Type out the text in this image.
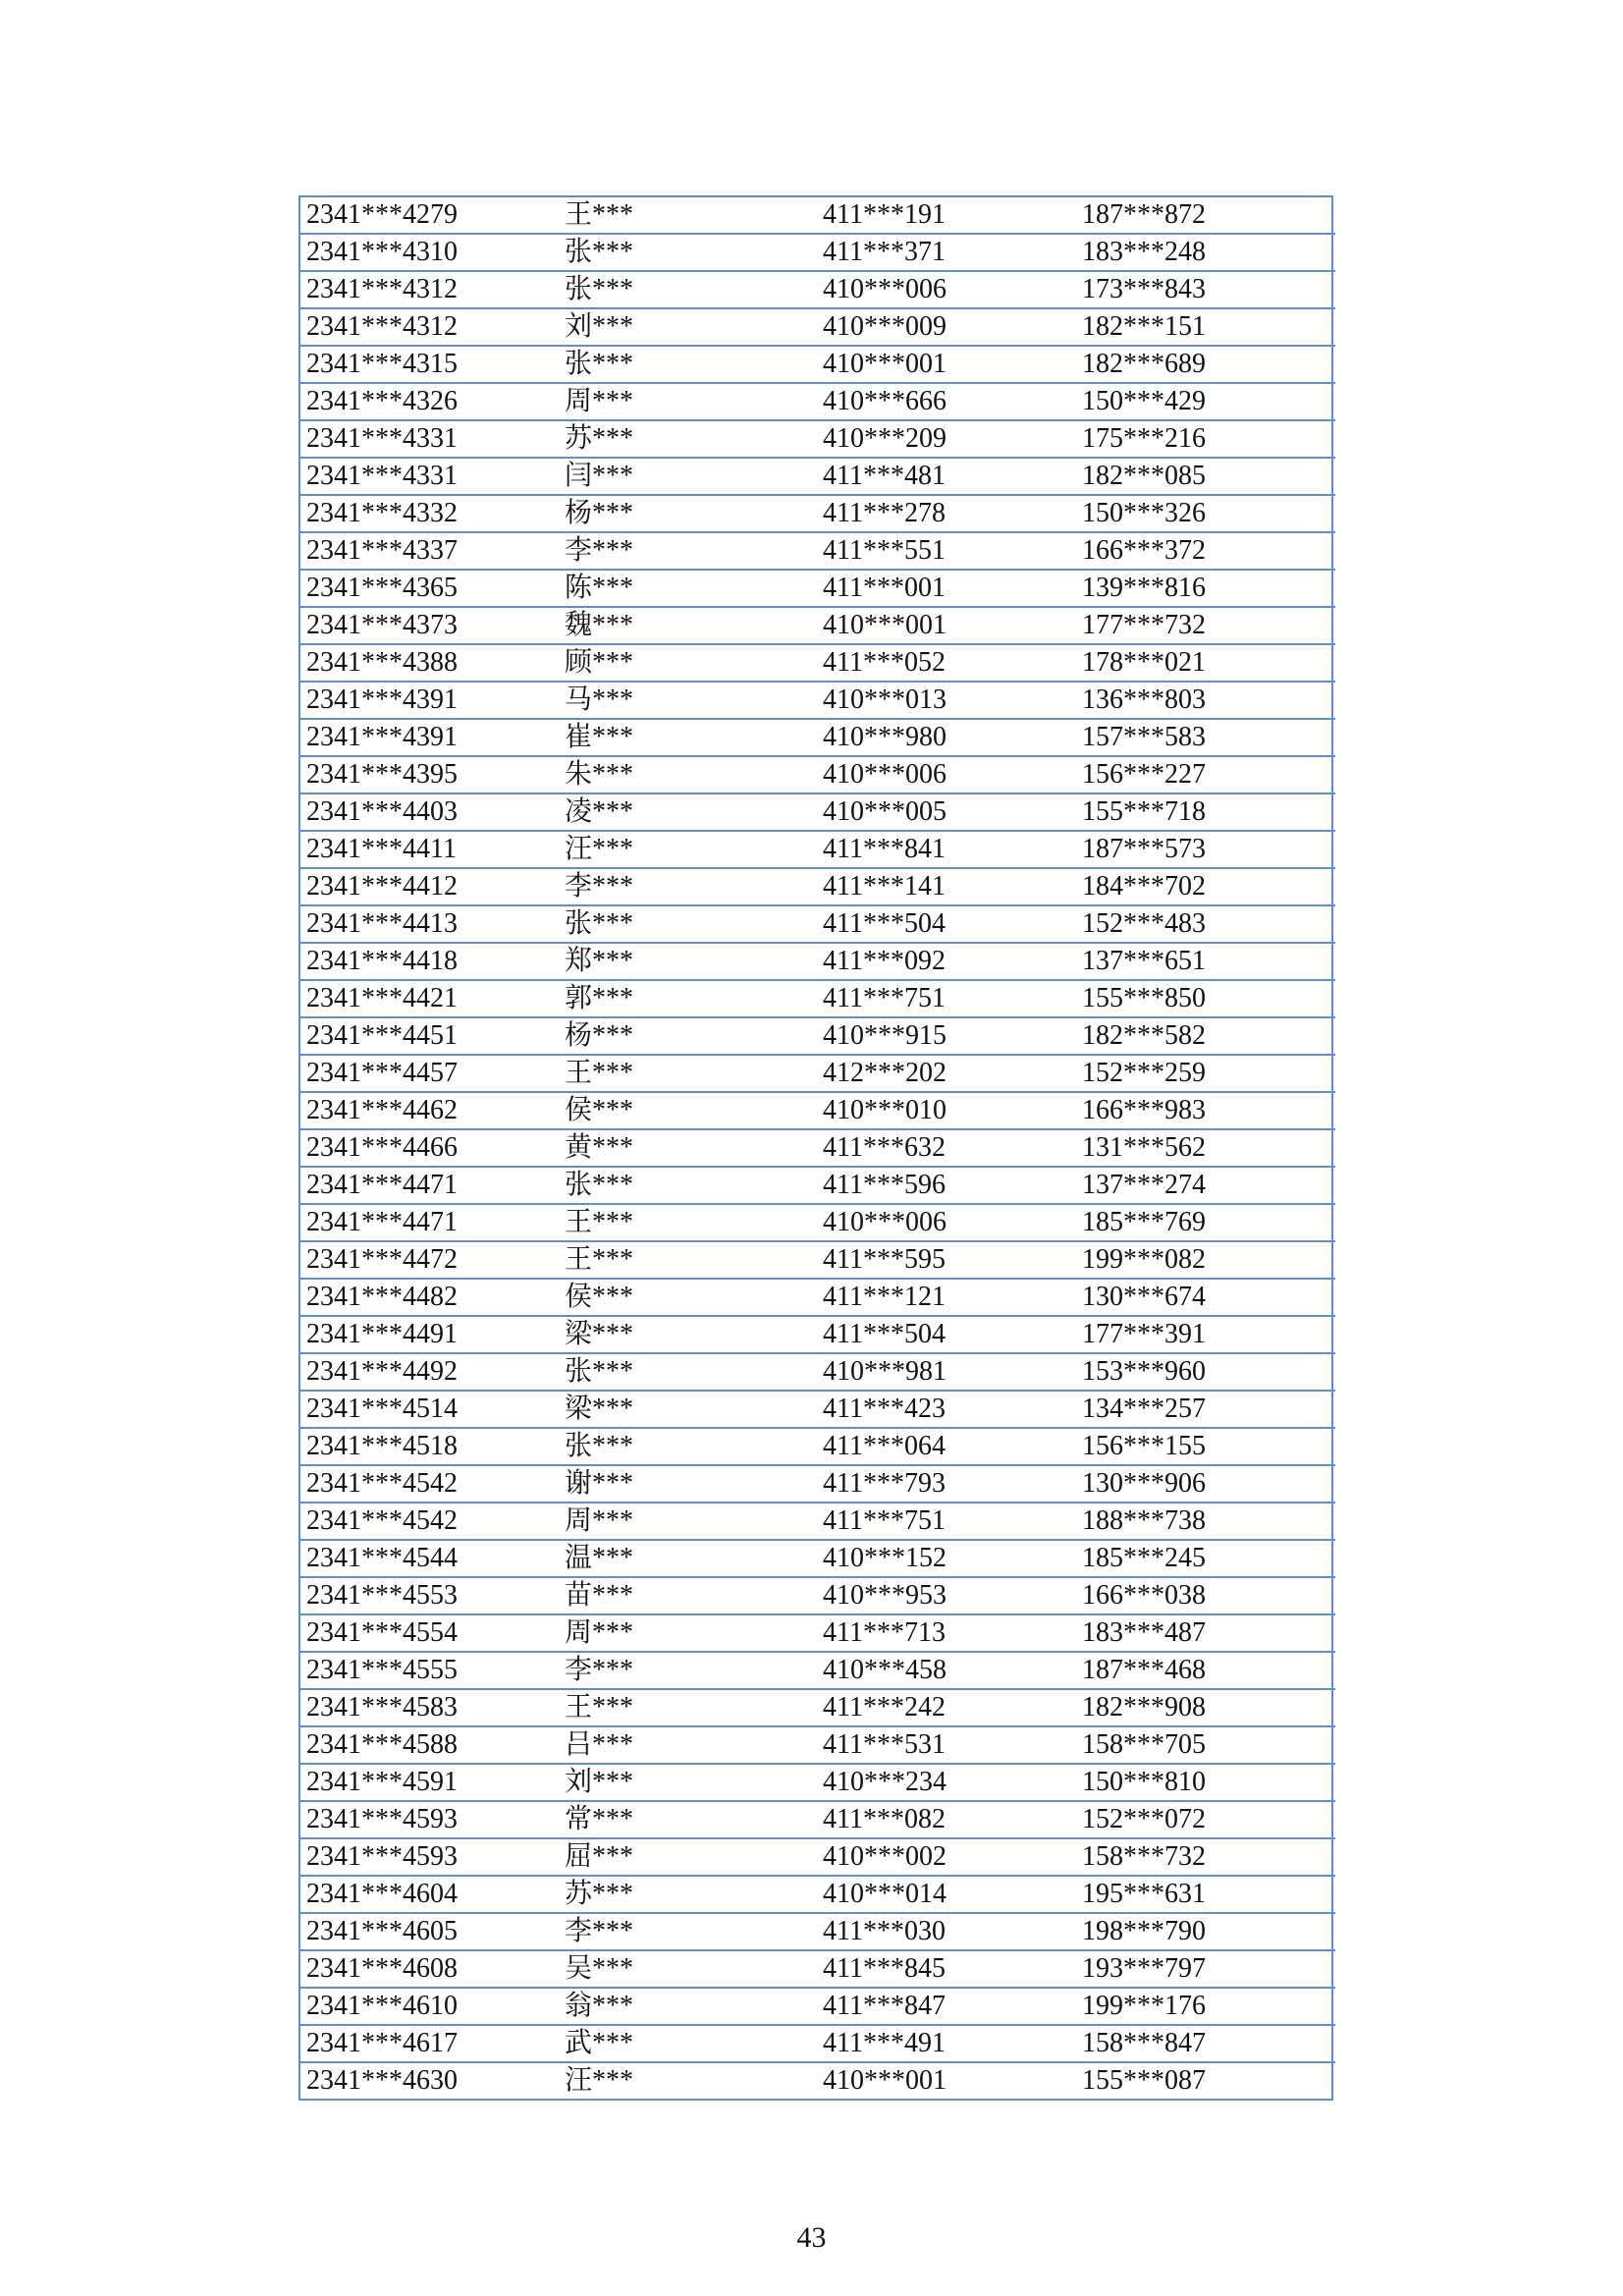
2341***4279	王***	411***191	187***872
2341***4310	张***	411***371	183***248
2341***4312	张***	410***006	173***843
2341***4312	刘***	410***009	182***151
2341***4315	张***	410***001	182***689
2341***4326	周***	410***666	150***429
2341***4331	苏***	410***209	175***216
2341***4331	闫***	411***481	182***085
2341***4332	杨***	411***278	150***326
2341***4337	李***	411***551	166***372
2341***4365	陈***	411***001	139***816
2341***4373	魏***	410***001	177***732
2341***4388	顾***	411***052	178***021
2341***4391	马***	410***013	136***803
2341***4391	崔***	410***980	157***583
2341***4395	朱***	410***006	156***227
2341***4403	凌***	410***005	155***718
2341***4411	汪***	411***841	187***573
2341***4412	李***	411***141	184***702
2341***4413	张***	411***504	152***483
2341***4418	郑***	411***092	137***651
2341***4421	郭***	411***751	155***850
2341***4451	杨***	410***915	182***582
2341***4457	王***	412***202	152***259
2341***4462	侯***	410***010	166***983
2341***4466	黄***	411***632	131***562
2341***4471	张***	411***596	137***274
2341***4471	王***	410***006	185***769
2341***4472	王***	411***595	199***082
2341***4482	侯***	411***121	130***674
2341***4491	梁***	411***504	177***391
2341***4492	张***	410***981	153***960
2341***4514	梁***	411***423	134***257
2341***4518	张***	411***064	156***155
2341***4542	谢***	411***793	130***906
2341***4542	周***	411***751	188***738
2341***4544	温***	410***152	185***245
2341***4553	苗***	410***953	166***038
2341***4554	周***	411***713	183***487
2341***4555	李***	410***458	187***468
2341***4583	王***	411***242	182***908
2341***4588	吕***	411***531	158***705
2341***4591	刘***	410***234	150***810
2341***4593	常***	411***082	152***072
2341***4593	屈***	410***002	158***732
2341***4604	苏***	410***014	195***631
2341***4605	李***	411***030	198***790
2341***4608	吴***	411***845	193***797
2341***4610	翁***	411***847	199***176
2341***4617	武***	411***491	158***847
2341***4630	汪***	410***001	155***087
43
